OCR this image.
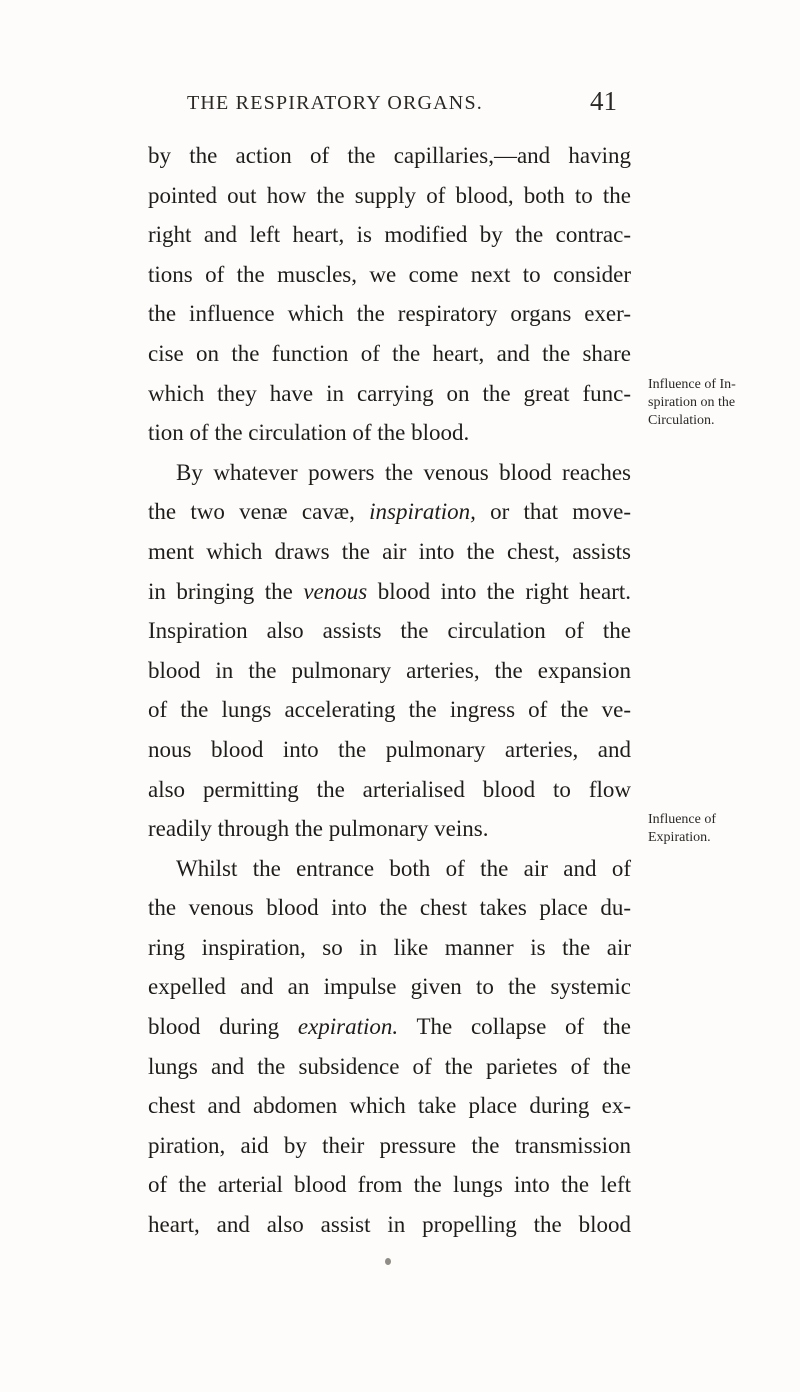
THE RESPIRATORY ORGANS.	41
by the action of the capillaries,—and having
pointed out how the supply of blood, both to the
right and left heart, is modified by the contrac-
tions of the muscles, we come next to consider
the influence which the respiratory organs exer-
cise on the function of the heart, and the share
which they have in carrying on the great func-
tion of the circulation of the blood.
By whatever powers the venous blood reaches
the two venæ cavæ, inspiration, or that move-
ment which draws the air into the chest, assists
in bringing the venous blood into the right heart.
Inspiration also assists the circulation of the
blood in the pulmonary arteries, the expansion
of the lungs accelerating the ingress of the ve-
nous blood into the pulmonary arteries, and
also permitting the arterialised blood to flow
readily through the pulmonary veins.
Whilst the entrance both of the air and of
the venous blood into the chest takes place du-
ring inspiration, so in like manner is the air
expelled and an impulse given to the systemic
blood during expiration. The collapse of the
lungs and the subsidence of the parietes of the
chest and abdomen which take place during ex-
piration, aid by their pressure the transmission
of the arterial blood from the lungs into the left
heart, and also assist in propelling the blood
Influence of In-
spiration on the
Circulation.
Influence of
Expiration.
